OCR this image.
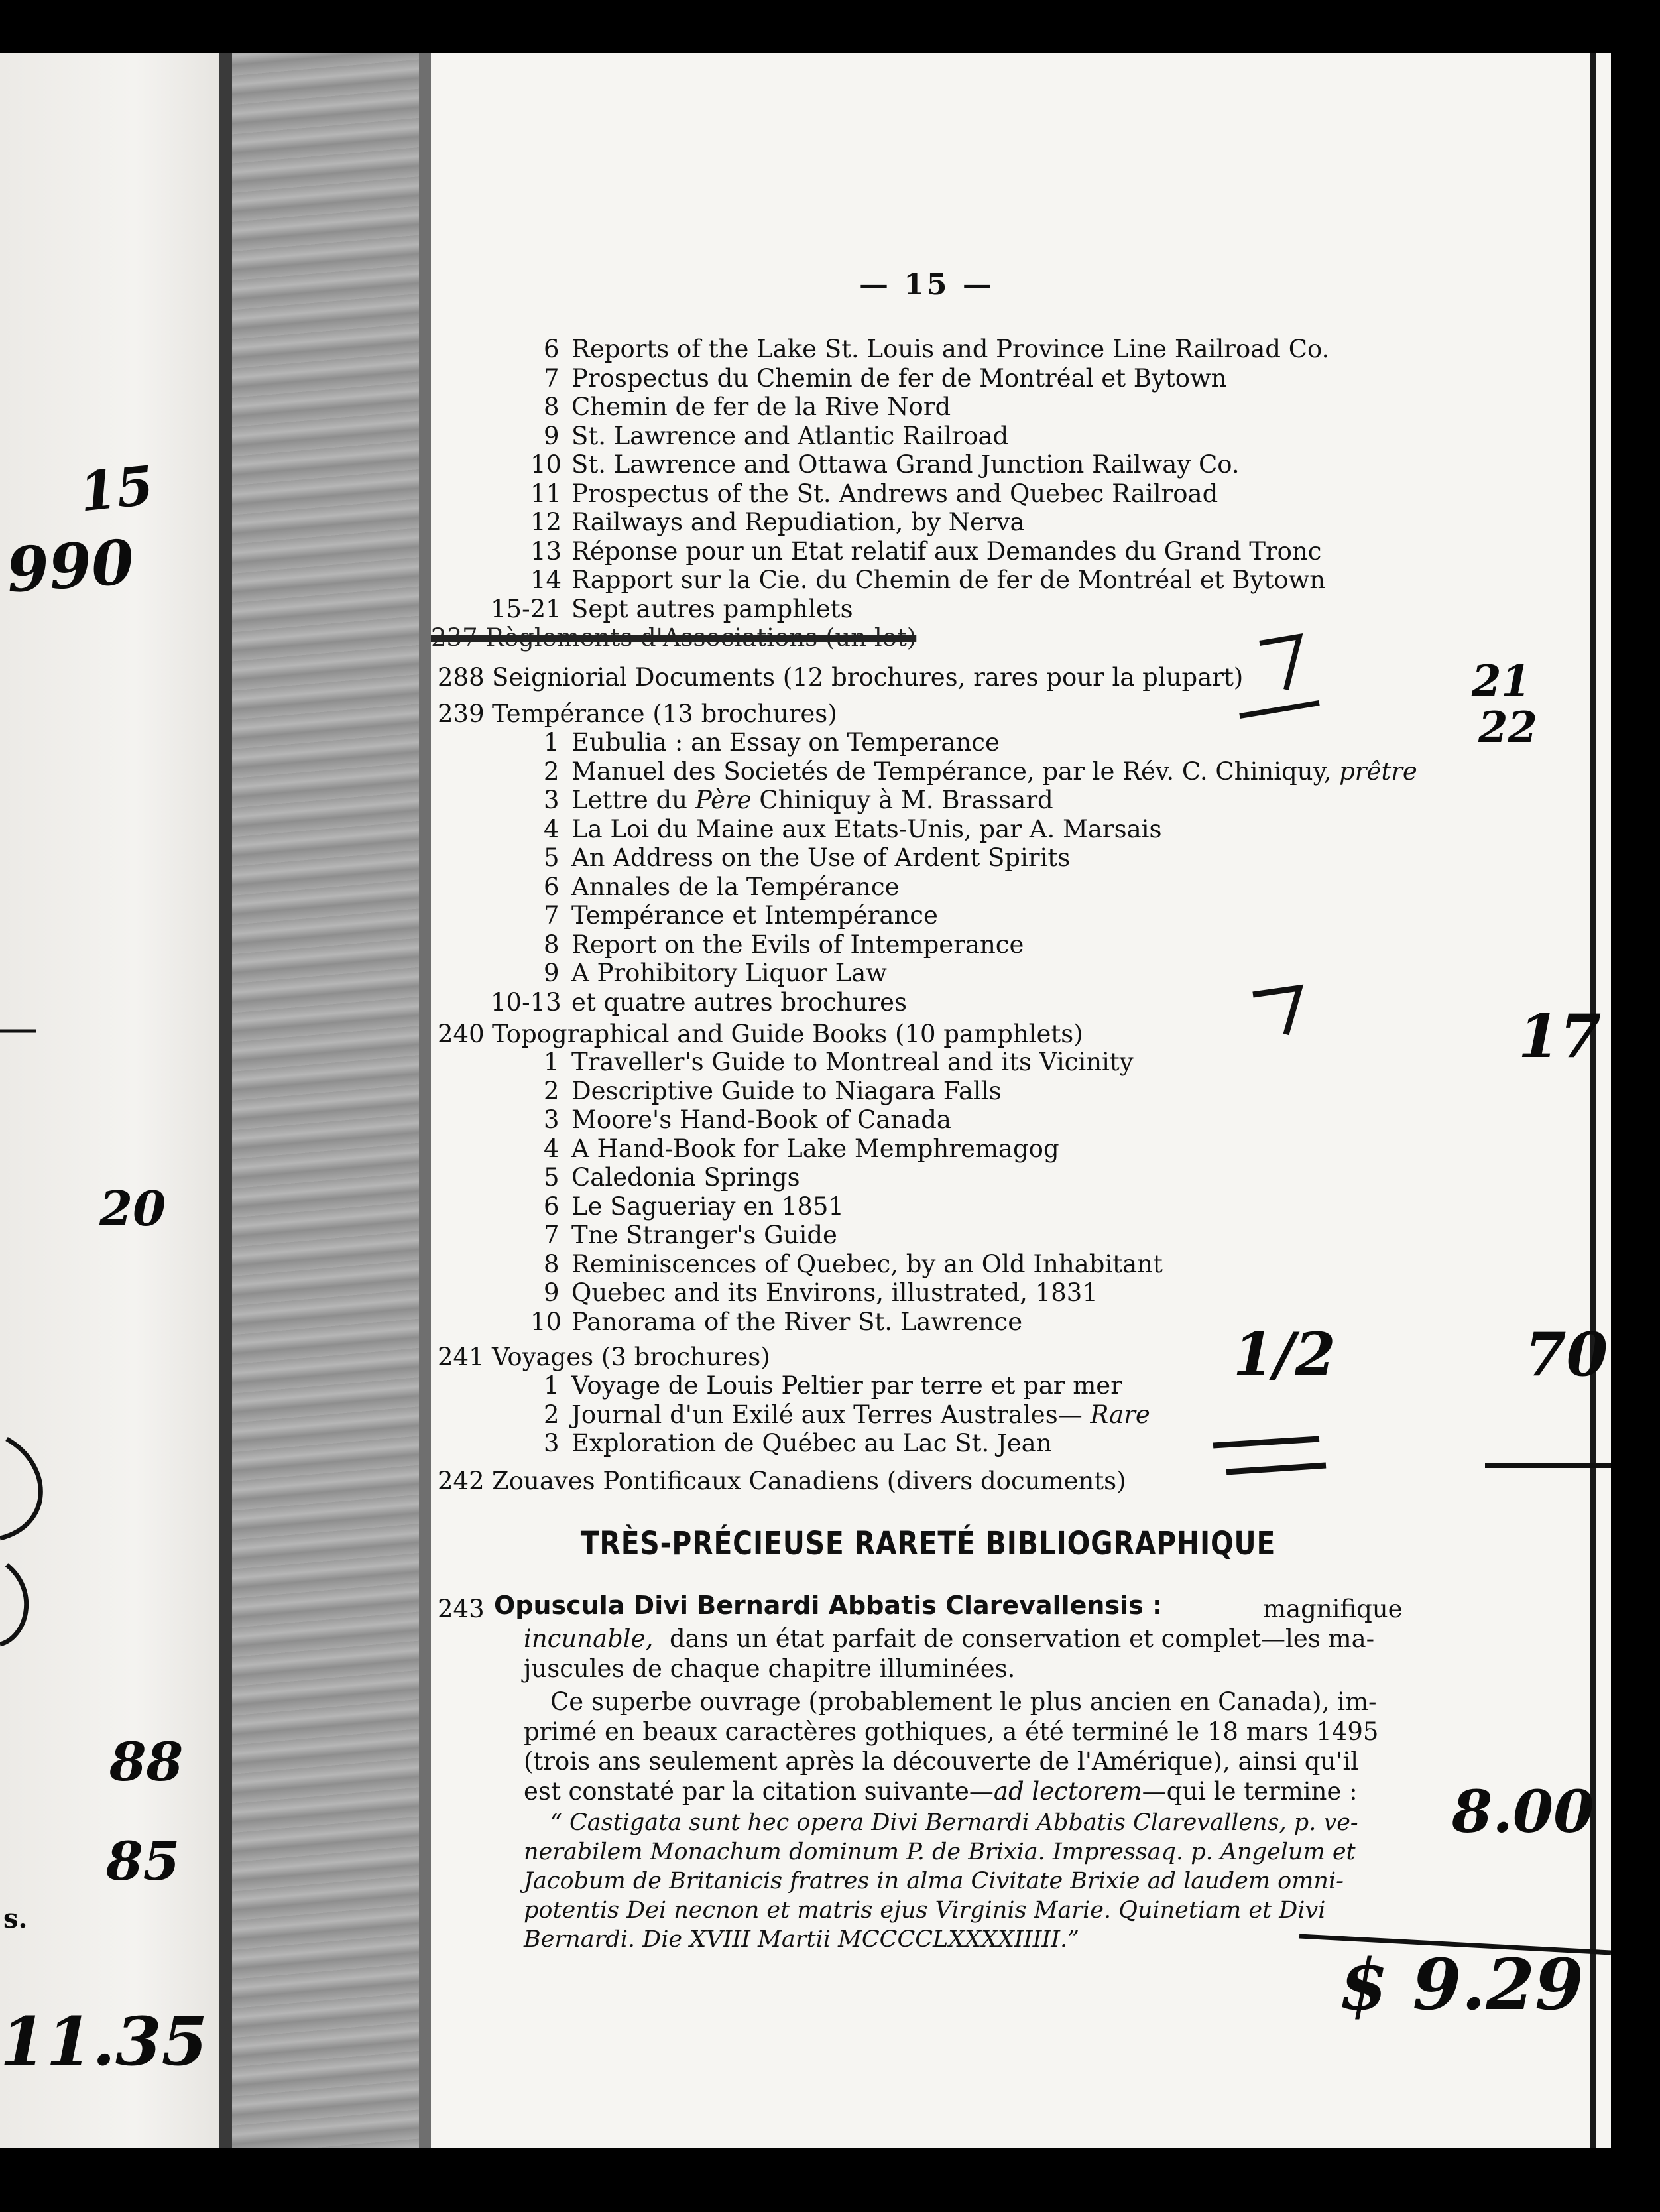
15
990
20
88
85
s.
11.35
21
22
17
70
1/2
8.00
$ 9.29
— 15 —
6 Reports of the Lake St. Louis and Province Line Railroad Co.
7 Prospectus du Chemin de fer de Montréal et Bytown
8 Chemin de fer de la Rive Nord
9 St. Lawrence and Atlantic Railroad
10 St. Lawrence and Ottawa Grand Junction Railway Co.
11 Prospectus of the St. Andrews and Quebec Railroad
12 Railways and Repudiation, by Nerva
13 Réponse pour un Etat relatif aux Demandes du Grand Tronc
14 Rapport sur la Cie. du Chemin de fer de Montréal et Bytown
15-21 Sept autres pamphlets
237 Règlements d'Associations (un lot)
288 Seigniorial Documents (12 brochures, rares pour la plupart)
239 Tempérance (13 brochures)
1 Eubulia : an Essay on Temperance
2 Manuel des Societés de Tempérance, par le Rév. C. Chiniquy, prêtre
3 Lettre du Père Chiniquy à M. Brassard
4 La Loi du Maine aux Etats-Unis, par A. Marsais
5 An Address on the Use of Ardent Spirits
6 Annales de la Tempérance
7 Tempérance et Intempérance
8 Report on the Evils of Intemperance
9 A Prohibitory Liquor Law
10-13 et quatre autres brochures
240 Topographical and Guide Books (10 pamphlets)
1 Traveller's Guide to Montreal and its Vicinity
2 Descriptive Guide to Niagara Falls
3 Moore's Hand-Book of Canada
4 A Hand-Book for Lake Memphremagog
5 Caledonia Springs
6 Le Sagueriay en 1851
7 Tne Stranger's Guide
8 Reminiscences of Quebec, by an Old Inhabitant
9 Quebec and its Environs, illustrated, 1831
10 Panorama of the River St. Lawrence
241 Voyages (3 brochures)
1 Voyage de Louis Peltier par terre et par mer
2 Journal d'un Exilé aux Terres Australes— Rare
3 Exploration de Québec au Lac St. Jean
242 Zouaves Pontificaux Canadiens (divers documents)
TRÈS-PRÉCIEUSE RARETÉ BIBLIOGRAPHIQUE
243 Opuscula Divi Bernardi Abbatis Clarevallensis :	magnifique
incunable, dans un état parfait de conservation et complet—les ma-
juscules de chaque chapitre illuminées.
Ce superbe ouvrage (probablement le plus ancien en Canada), im-
primé en beaux caractères gothiques, a été terminé le 18 mars 1495
(trois ans seulement après la découverte de l'Amérique), ainsi qu'il
est constaté par la citation suivante—ad lectorem—qui le termine :
“ Castigata sunt hec opera Divi Bernardi Abbatis Clarevallens, p. ve-
nerabilem Monachum dominum P. de Brixia. Impressaq. p. Angelum et
Jacobum de Britanicis fratres in alma Civitate Brixie ad laudem omni-
potentis Dei necnon et matris ejus Virginis Marie. Quinetiam et Divi
Bernardi. Die XVIII Martii MCCCCLXXXXIIIII.”
